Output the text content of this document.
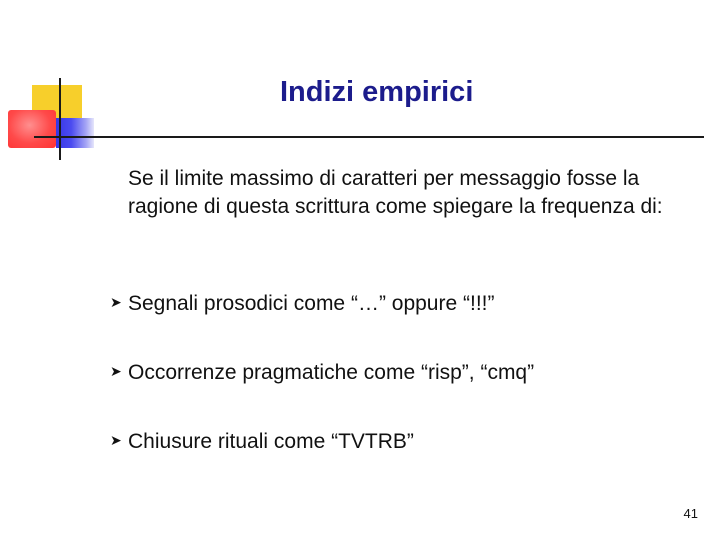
Indizi empirici
Se il limite massimo di caratteri per messaggio fosse la ragione di questa scrittura come spiegare la frequenza di:
➤ Segnali prosodici come “…” oppure “!!!”
➤ Occorrenze pragmatiche come “risp”, “cmq”
➤ Chiusure rituali come “TVTRB”
41
